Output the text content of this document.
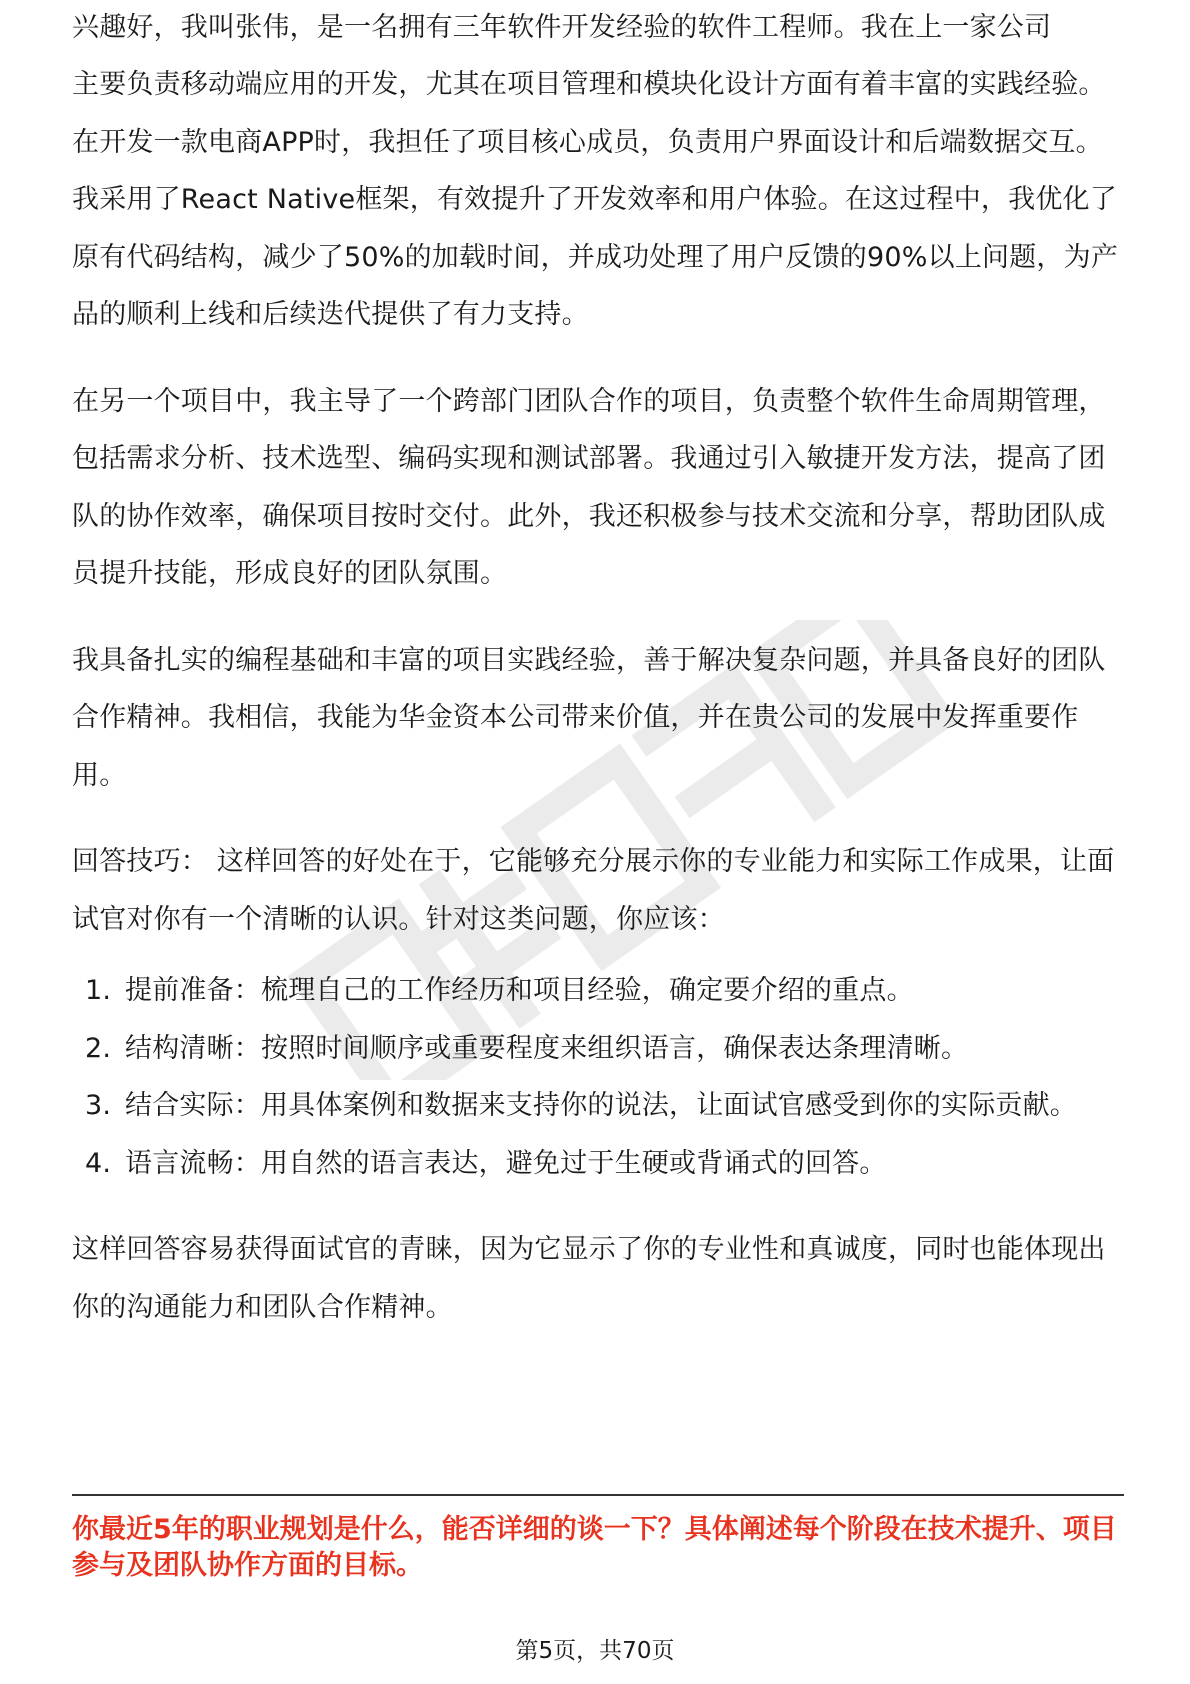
兴趣好，我叫张伟，是一名拥有三年软件开发经验的软件工程师。我在上一家公司

主要负责移动端应用的开发，尤其在项目管理和模块化设计方面有着丰富的实践经验。在开发一款电商APP时，我担任了项目核心成员，负责用户界面设计和后端数据交互。我采用了React Native框架，有效提升了开发效率和用户体验。在这过程中，我优化了原有代码结构，减少了50%的加载时间，并成功处理了用户反馈的90%以上问题，为产品的顺利上线和后续迭代提供了有力支持。

在另一个项目中，我主导了一个跨部门团队合作的项目，负责整个软件生命周期管理，包括需求分析、技术选型、编码实现和测试部署。我通过引入敏捷开发方法，提高了团队的协作效率，确保项目按时交付。此外，我还积极参与技术交流和分享，帮助团队成员提升技能，形成良好的团队氛围。

我具备扎实的编程基础和丰富的项目实践经验，善于解决复杂问题，并具备良好的团队合作精神。我相信，我能为华金资本公司带来价值，并在贵公司的发展中发挥重要作用。

回答技巧： 这样回答的好处在于，它能够充分展示你的专业能力和实际工作成果，让面试官对你有一个清晰的认识。针对这类问题，你应该：

1. 提前准备：梳理自己的工作经历和项目经验，确定要介绍的重点。
2. 结构清晰：按照时间顺序或重要程度来组织语言，确保表达条理清晰。
3. 结合实际：用具体案例和数据来支持你的说法，让面试官感受到你的实际贡献。
4. 语言流畅：用自然的语言表达，避免过于生硬或背诵式的回答。

这样回答容易获得面试官的青睐，因为它显示了你的专业性和真诚度，同时也能体现出你的沟通能力和团队合作精神。

你最近5年的职业规划是什么，能否详细的谈一下？具体阐述每个阶段在技术提升、项目参与及团队协作方面的目标。

第5页，共70页
